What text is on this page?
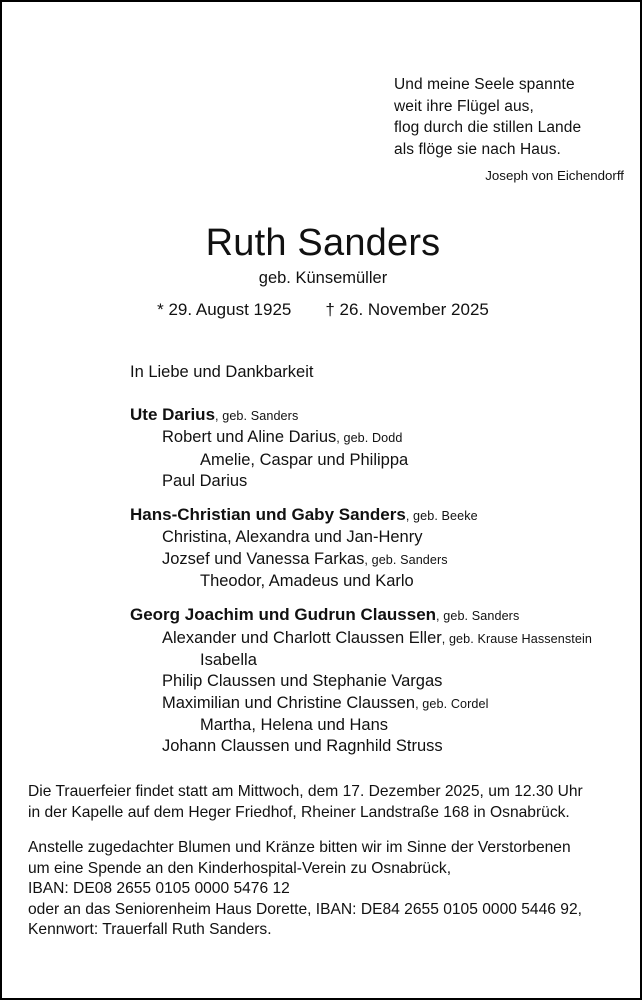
Und meine Seele spannte
weit ihre Flügel aus,
flog durch die stillen Lande
als flöge sie nach Haus.
Joseph von Eichendorff
Ruth Sanders
geb. Künsemüller
* 29. August 1925 † 26. November 2025
In Liebe und Dankbarkeit
Ute Darius, geb. Sanders
Robert und Aline Darius, geb. Dodd
Amelie, Caspar und Philippa
Paul Darius
Hans-Christian und Gaby Sanders, geb. Beeke
Christina, Alexandra und Jan-Henry
Jozsef und Vanessa Farkas, geb. Sanders
Theodor, Amadeus und Karlo
Georg Joachim und Gudrun Claussen, geb. Sanders
Alexander und Charlott Claussen Eller, geb. Krause Hassenstein
Isabella
Philip Claussen und Stephanie Vargas
Maximilian und Christine Claussen, geb. Cordel
Martha, Helena und Hans
Johann Claussen und Ragnhild Struss
Die Trauerfeier findet statt am Mittwoch, dem 17. Dezember 2025, um 12.30 Uhr
in der Kapelle auf dem Heger Friedhof, Rheiner Landstraße 168 in Osnabrück.
Anstelle zugedachter Blumen und Kränze bitten wir im Sinne der Verstorbenen
um eine Spende an den Kinderhospital-Verein zu Osnabrück,
IBAN: DE08 2655 0105 0000 5476 12
oder an das Seniorenheim Haus Dorette, IBAN: DE84 2655 0105 0000 5446 92,
Kennwort: Trauerfall Ruth Sanders.
